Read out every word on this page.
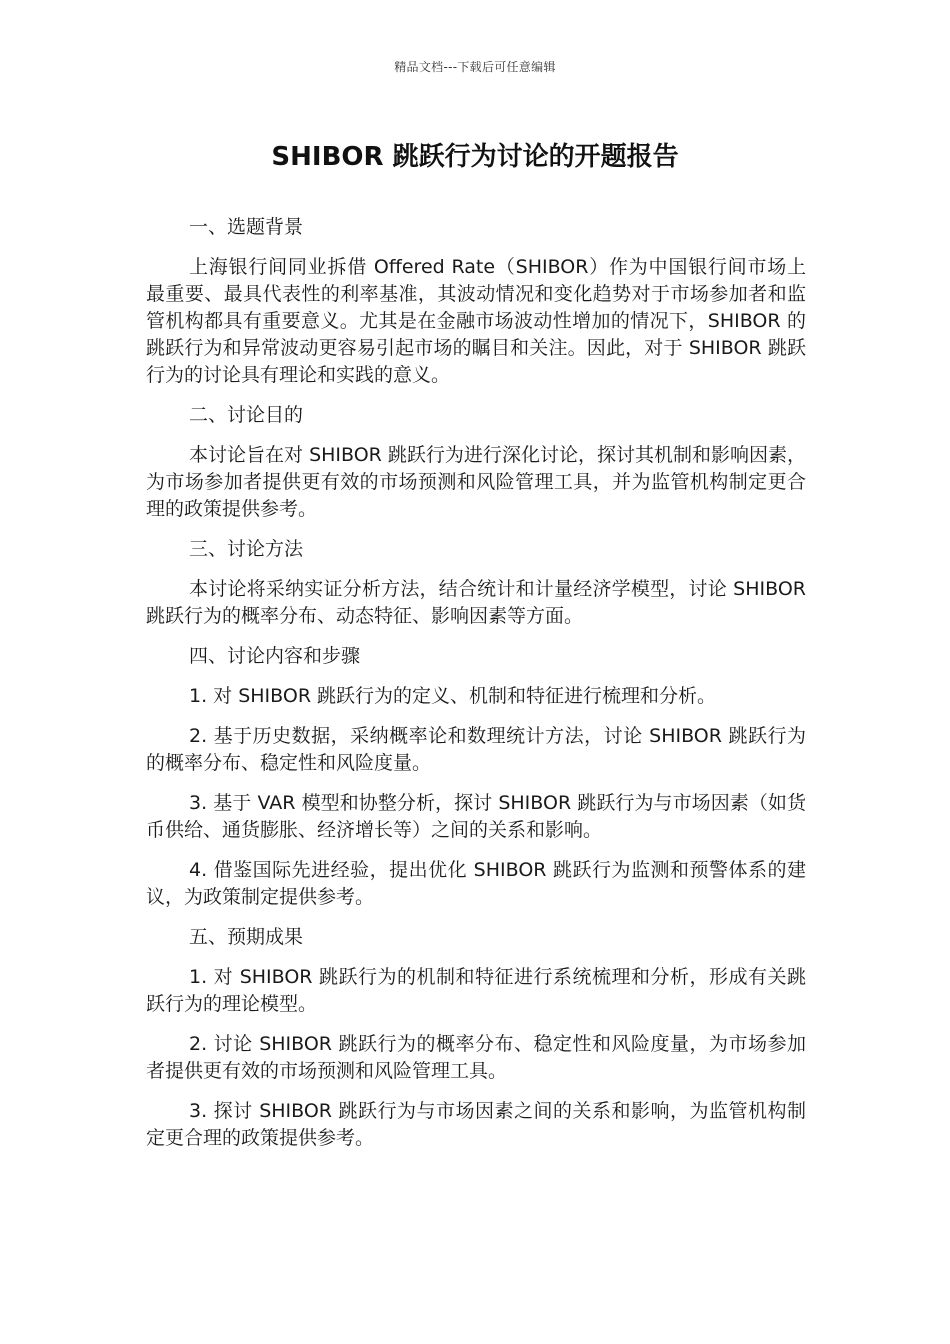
精品文档---下载后可任意编辑
SHIBOR 跳跃行为讨论的开题报告

一、选题背景

上海银行间同业拆借 Offered Rate（SHIBOR）作为中国银行间市场上最重要、最具代表性的利率基准，其波动情况和变化趋势对于市场参加者和监管机构都具有重要意义。尤其是在金融市场波动性增加的情况下，SHIBOR 的跳跃行为和异常波动更容易引起市场的瞩目和关注。因此，对于 SHIBOR 跳跃行为的讨论具有理论和实践的意义。

二、讨论目的

本讨论旨在对 SHIBOR 跳跃行为进行深化讨论，探讨其机制和影响因素，为市场参加者提供更有效的市场预测和风险管理工具，并为监管机构制定更合理的政策提供参考。

三、讨论方法

本讨论将采纳实证分析方法，结合统计和计量经济学模型，讨论 SHIBOR 跳跃行为的概率分布、动态特征、影响因素等方面。

四、讨论内容和步骤

1. 对 SHIBOR 跳跃行为的定义、机制和特征进行梳理和分析。

2. 基于历史数据，采纳概率论和数理统计方法，讨论 SHIBOR 跳跃行为的概率分布、稳定性和风险度量。

3. 基于 VAR 模型和协整分析，探讨 SHIBOR 跳跃行为与市场因素（如货币供给、通货膨胀、经济增长等）之间的关系和影响。

4. 借鉴国际先进经验，提出优化 SHIBOR 跳跃行为监测和预警体系的建议，为政策制定提供参考。

五、预期成果

1. 对 SHIBOR 跳跃行为的机制和特征进行系统梳理和分析，形成有关跳跃行为的理论模型。

2. 讨论 SHIBOR 跳跃行为的概率分布、稳定性和风险度量，为市场参加者提供更有效的市场预测和风险管理工具。

3. 探讨 SHIBOR 跳跃行为与市场因素之间的关系和影响，为监管机构制定更合理的政策提供参考。
